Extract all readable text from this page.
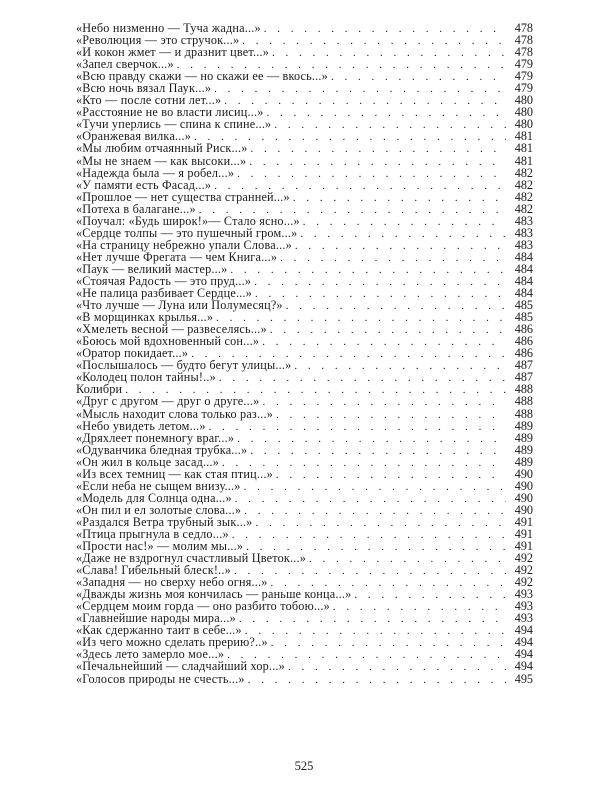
«Небо низменно — Туча жадна...» . . .	478
«Революция — это стручок...» . . .	478
«И кокон жмет — и дразнит цвет...» . . .	478
«Запел сверчок...» . . .	479
«Всю правду скажи — но скажи ее — вкось...» . . .	479
«Всю ночь вязал Паук...» . . .	479
«Кто — после сотни лет...» . . .	480
«Расстояние не во власти лисиц...» . . .	480
«Тучи уперлись — спина к спине...» . . .	480
«Оранжевая вилка...» . . .	481
«Мы любим отчаянный Риск...» . . .	481
«Мы не знаем — как высоки...» . . .	481
«Надежда была — я робел...» . . .	482
«У памяти есть Фасад...» . . .	482
«Прошлое — нет существа странней...» . . .	482
«Потеха в балагане...» . . .	482
«Поучал: «Будь широк!»— Стало ясно...» . . .	483
«Сердце толпы — это пушечный гром...» . . .	483
«На страницу небрежно упали Слова...» . . .	483
«Нет лучше Фрегата — чем Книга...» . . .	484
«Паук — великий мастер...» . . .	484
«Стоячая Радость — это пруд...» . . .	484
«Не палица разбивает Сердце...» . . .	484
«Что лучше — Луна или Полумесяц?» . . .	485
«В морщинках крылья...» . . .	485
«Хмелеть весной — развеселясь...» . . .	486
«Боюсь мой вдохновенный сон...» . . .	486
«Оратор покидает...» . . .	486
«Послышалось — будто бегут улицы...» . . .	487
«Колодец полон тайны!..» . . .	487
Колибри . . .	488
«Друг с другом — друг о друге...» . . .	488
«Мысль находит слова только раз...» . . .	488
«Небо увидеть летом...» . . .	489
«Дряхлеет понемногу враг...» . . .	489
«Одуванчика бледная трубка...» . . .	489
«Он жил в кольце засад...» . . .	489
«Из всех темниц — как стая птиц...» . . .	490
«Если неба не сыщем внизу...» . . .	490
«Модель для Солнца одна...» . . .	490
«Он пил и ел золотые слова...» . . .	490
«Раздался Ветра трубный зык...» . . .	491
«Птица прыгнула в седло...» . . .	491
«Прости нас!» — молим мы...» . . .	491
«Даже не вздрогнул счастливый Цветок...» . . .	492
«Слава! Гибельный блеск!..» . . .	492
«Западня — но сверху небо огня...» . . .	492
«Дважды жизнь моя кончилась — раньше конца...» . . .	493
«Сердцем моим горда — оно разбито тобою...» . . .	493
«Главнейшие народы мира...» . . .	493
«Как сдержанно таит в себе...» . . .	494
«Из чего можно сделать прерию?..» . . .	494
«Здесь лето замерло мое...» . . .	494
«Печальнейший — сладчайший хор...» . . .	494
«Голосов природы не счесть...» . . .	495
525
